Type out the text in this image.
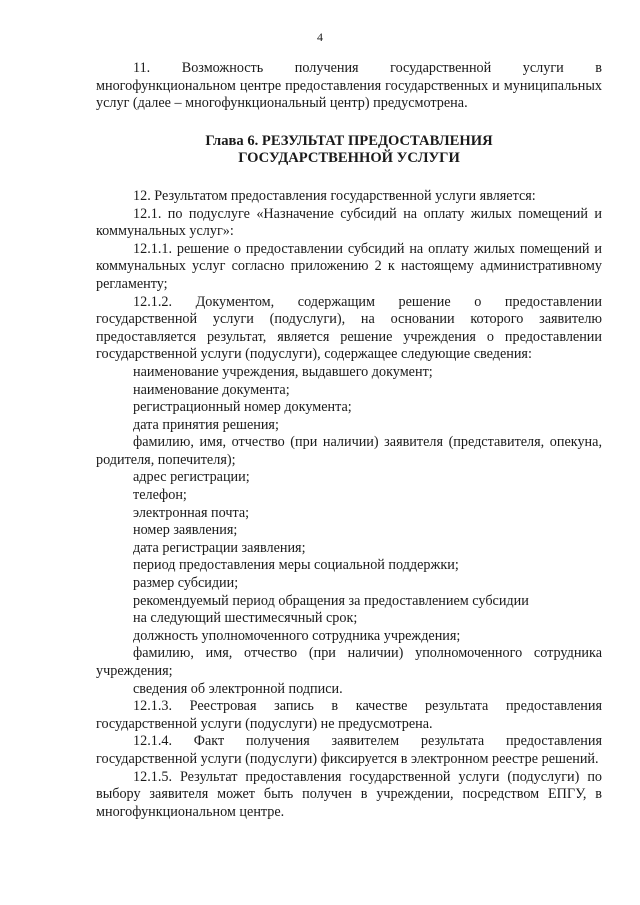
4

11. Возможность получения государственной услуги в многофункциональном центре предоставления государственных и муниципальных услуг (далее – многофункциональный центр) предусмотрена.

Глава 6. РЕЗУЛЬТАТ ПРЕДОСТАВЛЕНИЯ
ГОСУДАРСТВЕННОЙ УСЛУГИ

12. Результатом предоставления государственной услуги является:

12.1. по подуслуге «Назначение субсидий на оплату жилых помещений и коммунальных услуг»:

12.1.1. решение о предоставлении субсидий на оплату жилых помещений и коммунальных услуг согласно приложению 2 к настоящему административному регламенту;

12.1.2. Документом, содержащим решение о предоставлении государственной услуги (подуслуги), на основании которого заявителю предоставляется результат, является решение учреждения о предоставлении государственной услуги (подуслуги), содержащее следующие сведения:

наименование учреждения, выдавшего документ;

наименование документа;

регистрационный номер документа;

дата принятия решения;

фамилию, имя, отчество (при наличии) заявителя (представителя, опекуна, родителя, попечителя);

адрес регистрации;

телефон;

электронная почта;

номер заявления;

дата регистрации заявления;

период предоставления меры социальной поддержки;

размер субсидии;

рекомендуемый период обращения за предоставлением субсидии

на следующий шестимесячный срок;

должность уполномоченного сотрудника учреждения;

фамилию, имя, отчество (при наличии) уполномоченного сотрудника учреждения;

сведения об электронной подписи.

12.1.3. Реестровая запись в качестве результата предоставления государственной услуги (подуслуги) не предусмотрена.

12.1.4. Факт получения заявителем результата предоставления государственной услуги (подуслуги) фиксируется в электронном реестре решений.

12.1.5. Результат предоставления государственной услуги (подуслуги) по выбору заявителя может быть получен в учреждении, посредством ЕПГУ, в многофункциональном центре.
